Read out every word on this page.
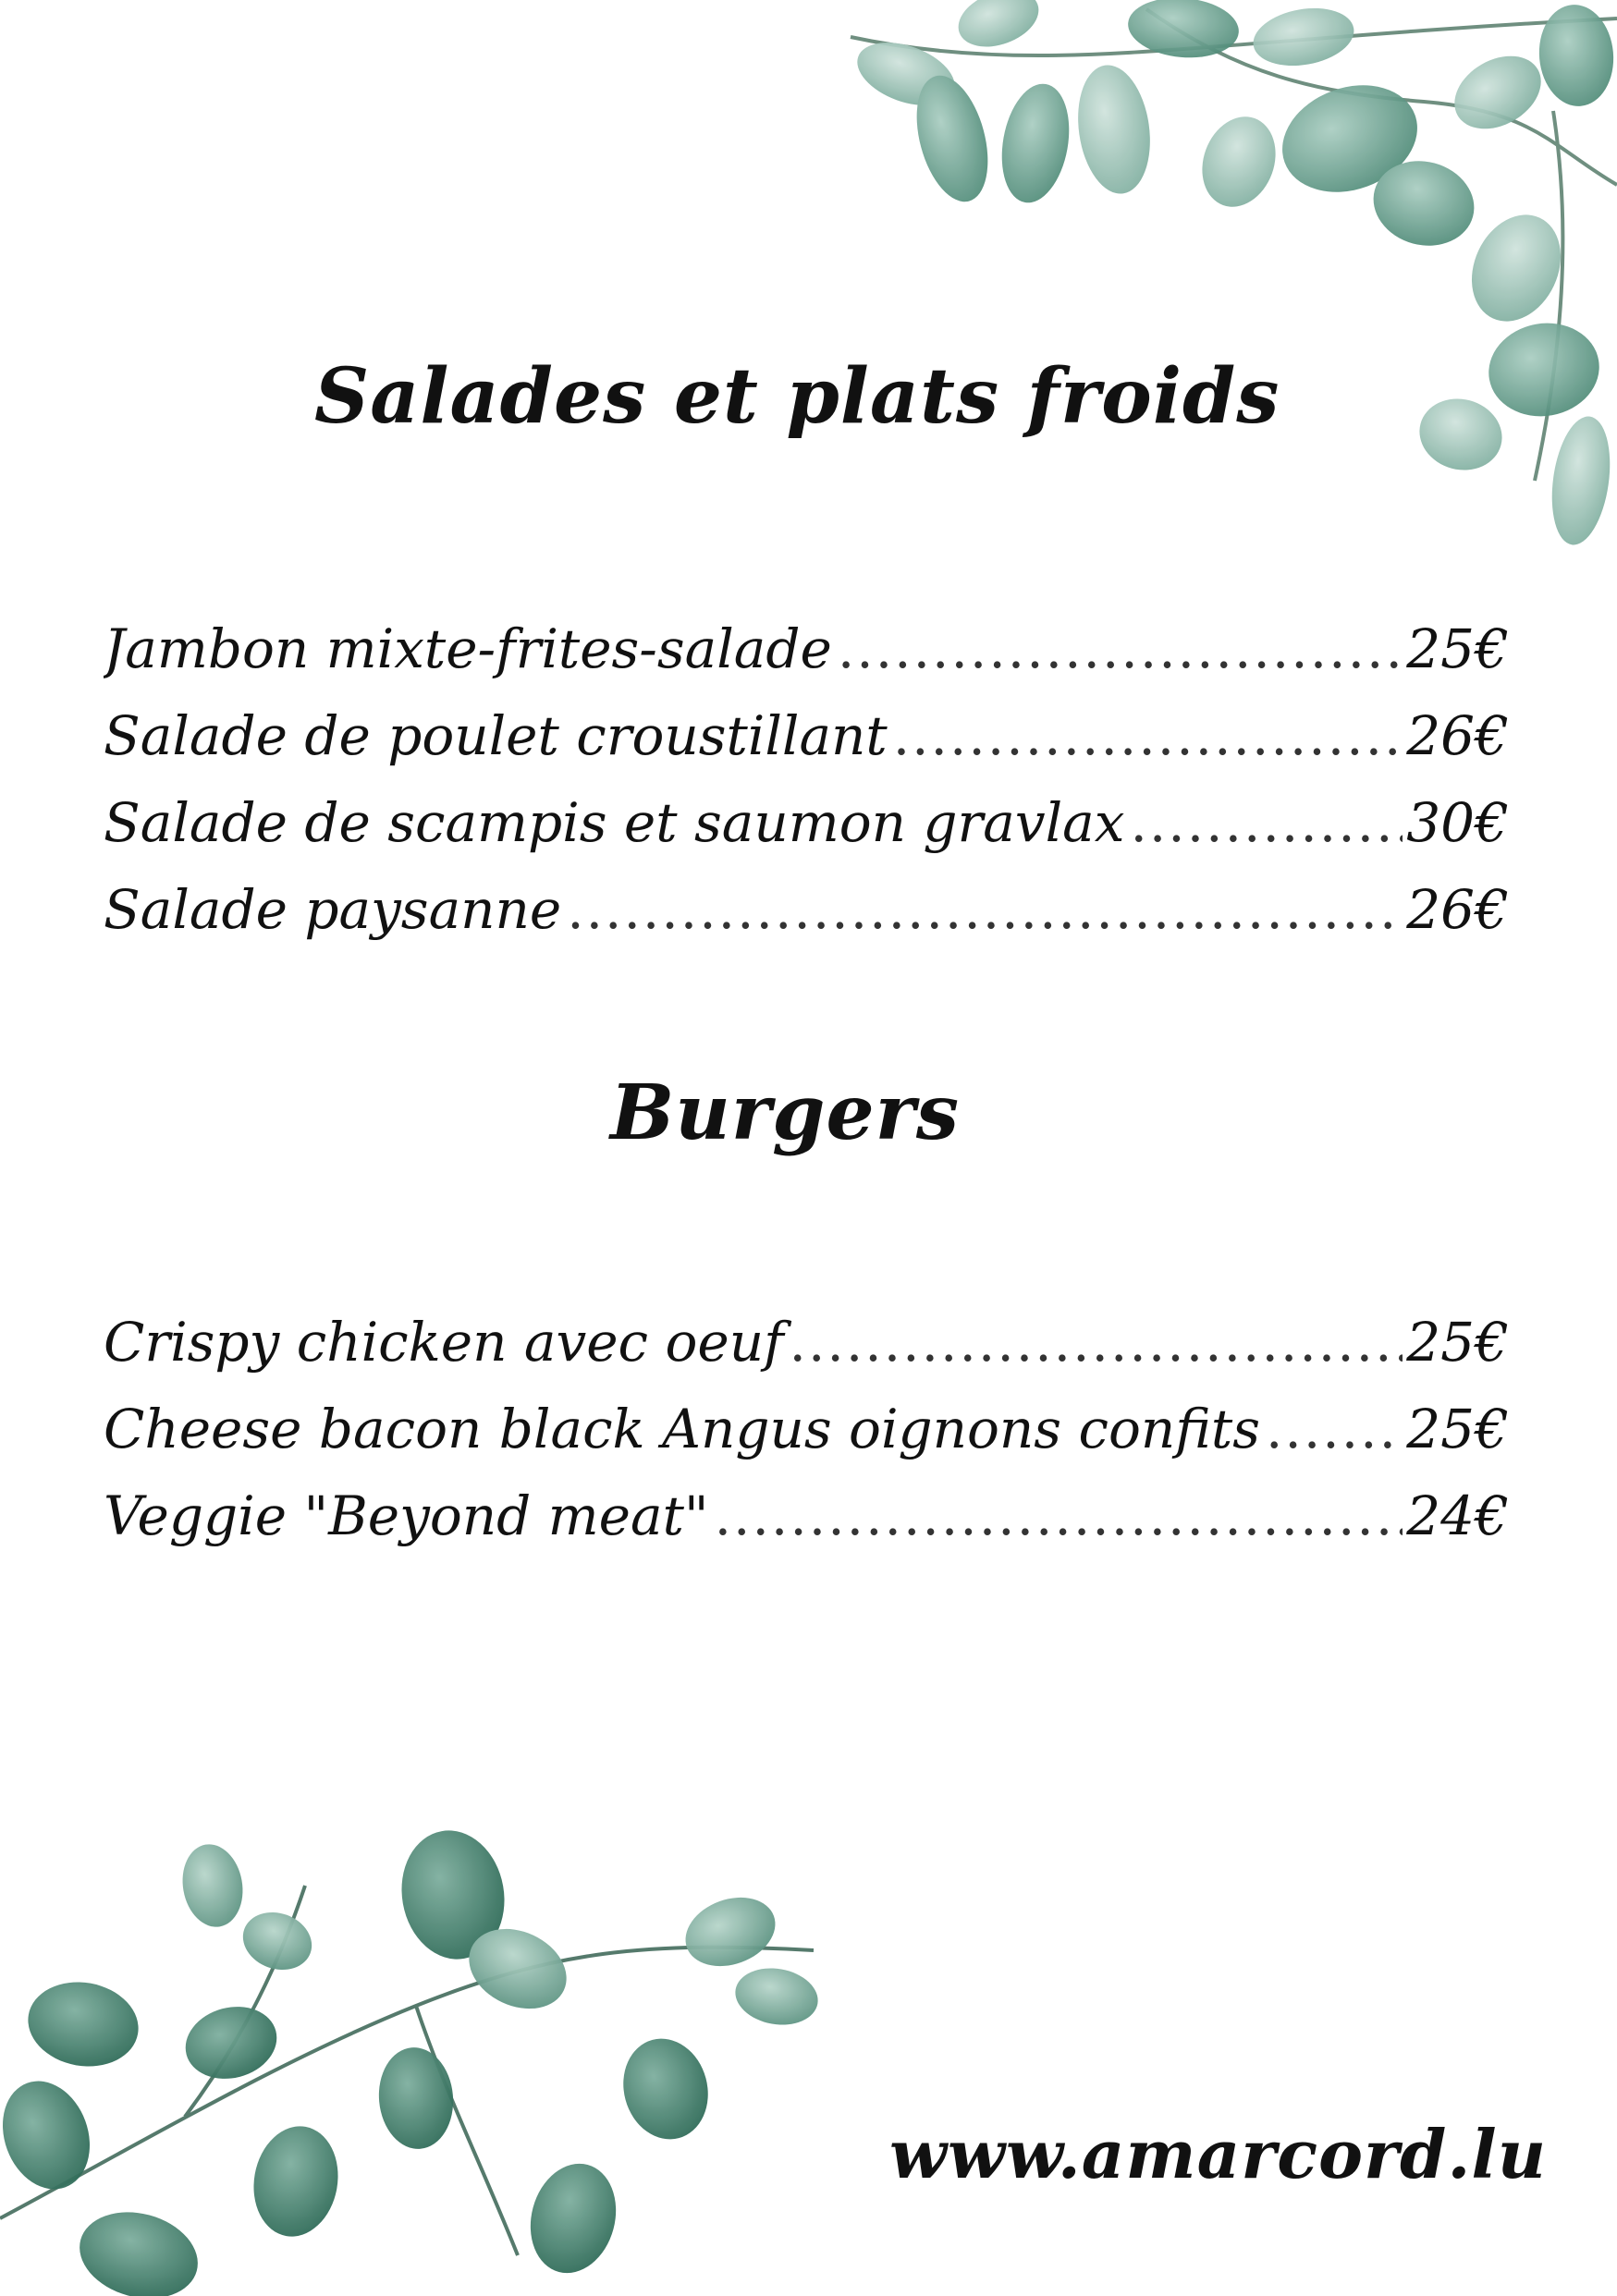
Salades et plats froids
Jambon mixte-frites-salade .....	25€
Salade de poulet croustillant .....	26€
Salade de scampis et saumon gravlax .....	30€
Salade paysanne .....	26€
Burgers
Crispy chicken avec oeuf .....	25€
Cheese bacon black Angus oignons confits .....	25€
Veggie "Beyond meat" .....	24€

www.amarcord.lu
